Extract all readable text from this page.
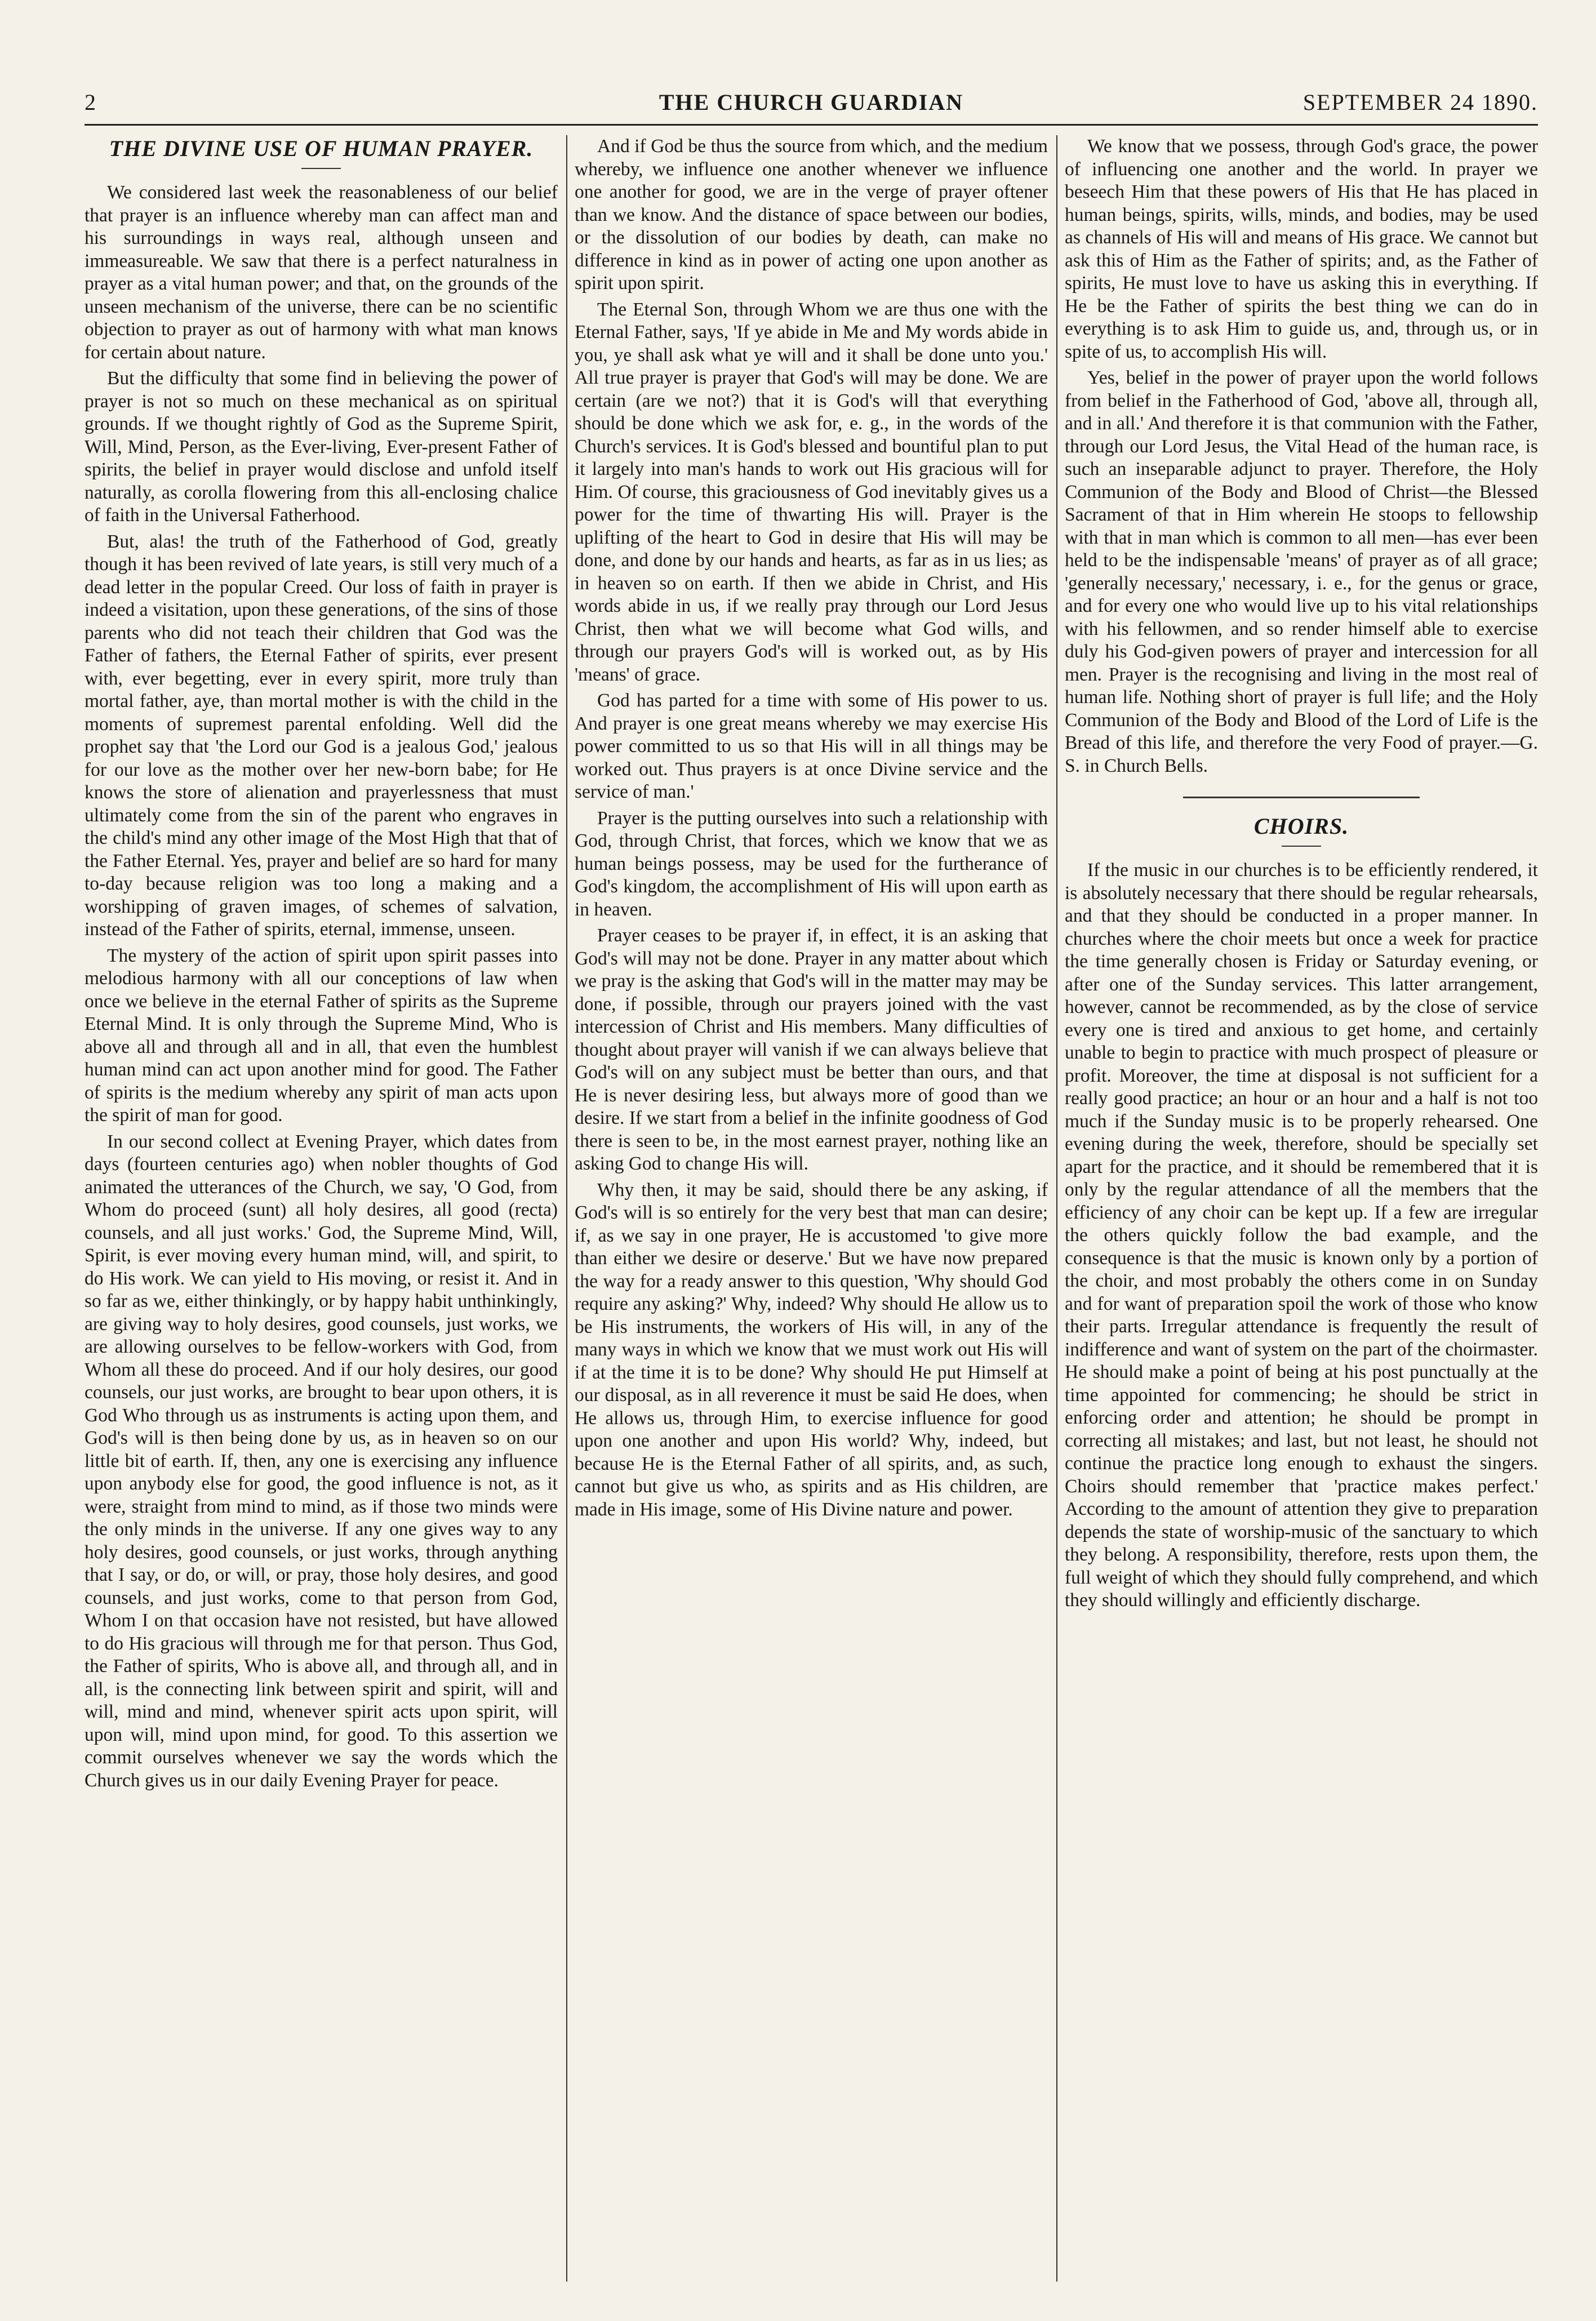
2	THE CHURCH GUARDIAN	SEPTEMBER 24 1890.
THE DIVINE USE OF HUMAN PRAYER.

We considered last week the reasonableness of our belief that prayer is an influence whereby man can affect man and his surroundings in ways real, although unseen and immeasureable. We saw that there is a perfect naturalness in prayer as a vital human power; and that, on the grounds of the unseen mechanism of the universe, there can be no scientific objection to prayer as out of harmony with what man knows for certain about nature.

But the difficulty that some find in believing the power of prayer is not so much on these mechanical as on spiritual grounds. If we thought rightly of God as the Supreme Spirit, Will, Mind, Person, as the Ever-living, Ever-present Father of spirits, the belief in prayer would disclose and unfold itself naturally, as corolla flowering from this all-enclosing chalice of faith in the Universal Fatherhood.

But, alas! the truth of the Fatherhood of God, greatly though it has been revived of late years, is still very much of a dead letter in the popular Creed. Our loss of faith in prayer is indeed a visitation, upon these generations, of the sins of those parents who did not teach their children that God was the Father of fathers, the Eternal Father of spirits, ever present with, ever begetting, ever in every spirit, more truly than mortal father, aye, than mortal mother is with the child in the moments of supremest parental enfolding. Well did the prophet say that 'the Lord our God is a jealous God,' jealous for our love as the mother over her new-born babe; for He knows the store of alienation and prayerlessness that must ultimately come from the sin of the parent who engraves in the child's mind any other image of the Most High that that of the Father Eternal. Yes, prayer and belief are so hard for many to-day because religion was too long a making and a worshipping of graven images, of schemes of salvation, instead of the Father of spirits, eternal, immense, unseen.

The mystery of the action of spirit upon spirit passes into melodious harmony with all our conceptions of law when once we believe in the eternal Father of spirits as the Supreme Eternal Mind. It is only through the Supreme Mind, Who is above all and through all and in all, that even the humblest human mind can act upon another mind for good. The Father of spirits is the medium whereby any spirit of man acts upon the spirit of man for good.

In our second collect at Evening Prayer, which dates from days (fourteen centuries ago) when nobler thoughts of God animated the utterances of the Church, we say, 'O God, from Whom do proceed (sunt) all holy desires, all good (recta) counsels, and all just works.' God, the Supreme Mind, Will, Spirit, is ever moving every human mind, will, and spirit, to do His work. We can yield to His moving, or resist it. And in so far as we, either thinkingly, or by happy habit unthinkingly, are giving way to holy desires, good counsels, just works, we are allowing ourselves to be fellow-workers with God, from Whom all these do proceed. And if our holy desires, our good counsels, our just works, are brought to bear upon others, it is God Who through us as instruments is acting upon them, and God's will is then being done by us, as in heaven so on our little bit of earth. If, then, any one is exercising any influence upon anybody else for good, the good influence is not, as it were, straight from mind to mind, as if those two minds were the only minds in the universe. If any one gives way to any holy desires, good counsels, or just works, through anything that I say, or do, or will, or pray, those holy desires, and good counsels, and just works, come to that person from God, Whom I on that occasion have not resisted, but have allowed to do His gracious will through me for that person. Thus God, the Father of spirits, Who is above all, and through all, and in all, is the connecting link between spirit and spirit, will and will, mind and mind, whenever spirit acts upon spirit, will upon will, mind upon mind, for good. To this assertion we commit ourselves whenever we say the words which the Church gives us in our daily Evening Prayer for peace.

And if God be thus the source from which, and the medium whereby, we influence one another whenever we influence one another for good, we are in the verge of prayer oftener than we know. And the distance of space between our bodies, or the dissolution of our bodies by death, can make no difference in kind as in power of acting one upon another as spirit upon spirit.

The Eternal Son, through Whom we are thus one with the Eternal Father, says, 'If ye abide in Me and My words abide in you, ye shall ask what ye will and it shall be done unto you.' All true prayer is prayer that God's will may be done. We are certain (are we not?) that it is God's will that everything should be done which we ask for, e. g., in the words of the Church's services. It is God's blessed and bountiful plan to put it largely into man's hands to work out His gracious will for Him. Of course, this graciousness of God inevitably gives us a power for the time of thwarting His will. Prayer is the uplifting of the heart to God in desire that His will may be done, and done by our hands and hearts, as far as in us lies; as in heaven so on earth. If then we abide in Christ, and His words abide in us, if we really pray through our Lord Jesus Christ, then what we will become what God wills, and through our prayers God's will is worked out, as by His 'means' of grace.

God has parted for a time with some of His power to us. And prayer is one great means whereby we may exercise His power committed to us so that His will in all things may be worked out. Thus prayers is at once Divine service and the service of man.'

Prayer is the putting ourselves into such a relationship with God, through Christ, that forces, which we know that we as human beings possess, may be used for the furtherance of God's kingdom, the accomplishment of His will upon earth as in heaven.

Prayer ceases to be prayer if, in effect, it is an asking that God's will may not be done. Prayer in any matter about which we pray is the asking that God's will in the matter may may be done, if possible, through our prayers joined with the vast intercession of Christ and His members. Many difficulties of thought about prayer will vanish if we can always believe that God's will on any subject must be better than ours, and that He is never desiring less, but always more of good than we desire. If we start from a belief in the infinite goodness of God there is seen to be, in the most earnest prayer, nothing like an asking God to change His will.

Why then, it may be said, should there be any asking, if God's will is so entirely for the very best that man can desire; if, as we say in one prayer, He is accustomed 'to give more than either we desire or deserve.' But we have now prepared the way for a ready answer to this question, 'Why should God require any asking?' Why, indeed? Why should He allow us to be His instruments, the workers of His will, in any of the many ways in which we know that we must work out His will if at the time it is to be done? Why should He put Himself at our disposal, as in all reverence it must be said He does, when He allows us, through Him, to exercise influence for good upon one another and upon His world? Why, indeed, but because He is the Eternal Father of all spirits, and, as such, cannot but give us who, as spirits and as His children, are made in His image, some of His Divine nature and power.

We know that we possess, through God's grace, the power of influencing one another and the world. In prayer we beseech Him that these powers of His that He has placed in human beings, spirits, wills, minds, and bodies, may be used as channels of His will and means of His grace. We cannot but ask this of Him as the Father of spirits; and, as the Father of spirits, He must love to have us asking this in everything. If He be the Father of spirits the best thing we can do in everything is to ask Him to guide us, and, through us, or in spite of us, to accomplish His will.

Yes, belief in the power of prayer upon the world follows from belief in the Fatherhood of God, 'above all, through all, and in all.' And therefore it is that communion with the Father, through our Lord Jesus, the Vital Head of the human race, is such an inseparable adjunct to prayer. Therefore, the Holy Communion of the Body and Blood of Christ—the Blessed Sacrament of that in Him wherein He stoops to fellowship with that in man which is common to all men—has ever been held to be the indispensable 'means' of prayer as of all grace; 'generally necessary,' necessary, i. e., for the genus or grace, and for every one who would live up to his vital relationships with his fellowmen, and so render himself able to exercise duly his God-given powers of prayer and intercession for all men. Prayer is the recognising and living in the most real of human life. Nothing short of prayer is full life; and the Holy Communion of the Body and Blood of the Lord of Life is the Bread of this life, and therefore the very Food of prayer.—G. S. in Church Bells.

CHOIRS.

If the music in our churches is to be efficiently rendered, it is absolutely necessary that there should be regular rehearsals, and that they should be conducted in a proper manner. In churches where the choir meets but once a week for practice the time generally chosen is Friday or Saturday evening, or after one of the Sunday services. This latter arrangement, however, cannot be recommended, as by the close of service every one is tired and anxious to get home, and certainly unable to begin to practice with much prospect of pleasure or profit. Moreover, the time at disposal is not sufficient for a really good practice; an hour or an hour and a half is not too much if the Sunday music is to be properly rehearsed. One evening during the week, therefore, should be specially set apart for the practice, and it should be remembered that it is only by the regular attendance of all the members that the efficiency of any choir can be kept up. If a few are irregular the others quickly follow the bad example, and the consequence is that the music is known only by a portion of the choir, and most probably the others come in on Sunday and for want of preparation spoil the work of those who know their parts. Irregular attendance is frequently the result of indifference and want of system on the part of the choirmaster. He should make a point of being at his post punctually at the time appointed for commencing; he should be strict in enforcing order and attention; he should be prompt in correcting all mistakes; and last, but not least, he should not continue the practice long enough to exhaust the singers. Choirs should remember that 'practice makes perfect.' According to the amount of attention they give to preparation depends the state of worship-music of the sanctuary to which they belong. A responsibility, therefore, rests upon them, the full weight of which they should fully comprehend, and which they should willingly and efficiently discharge.
